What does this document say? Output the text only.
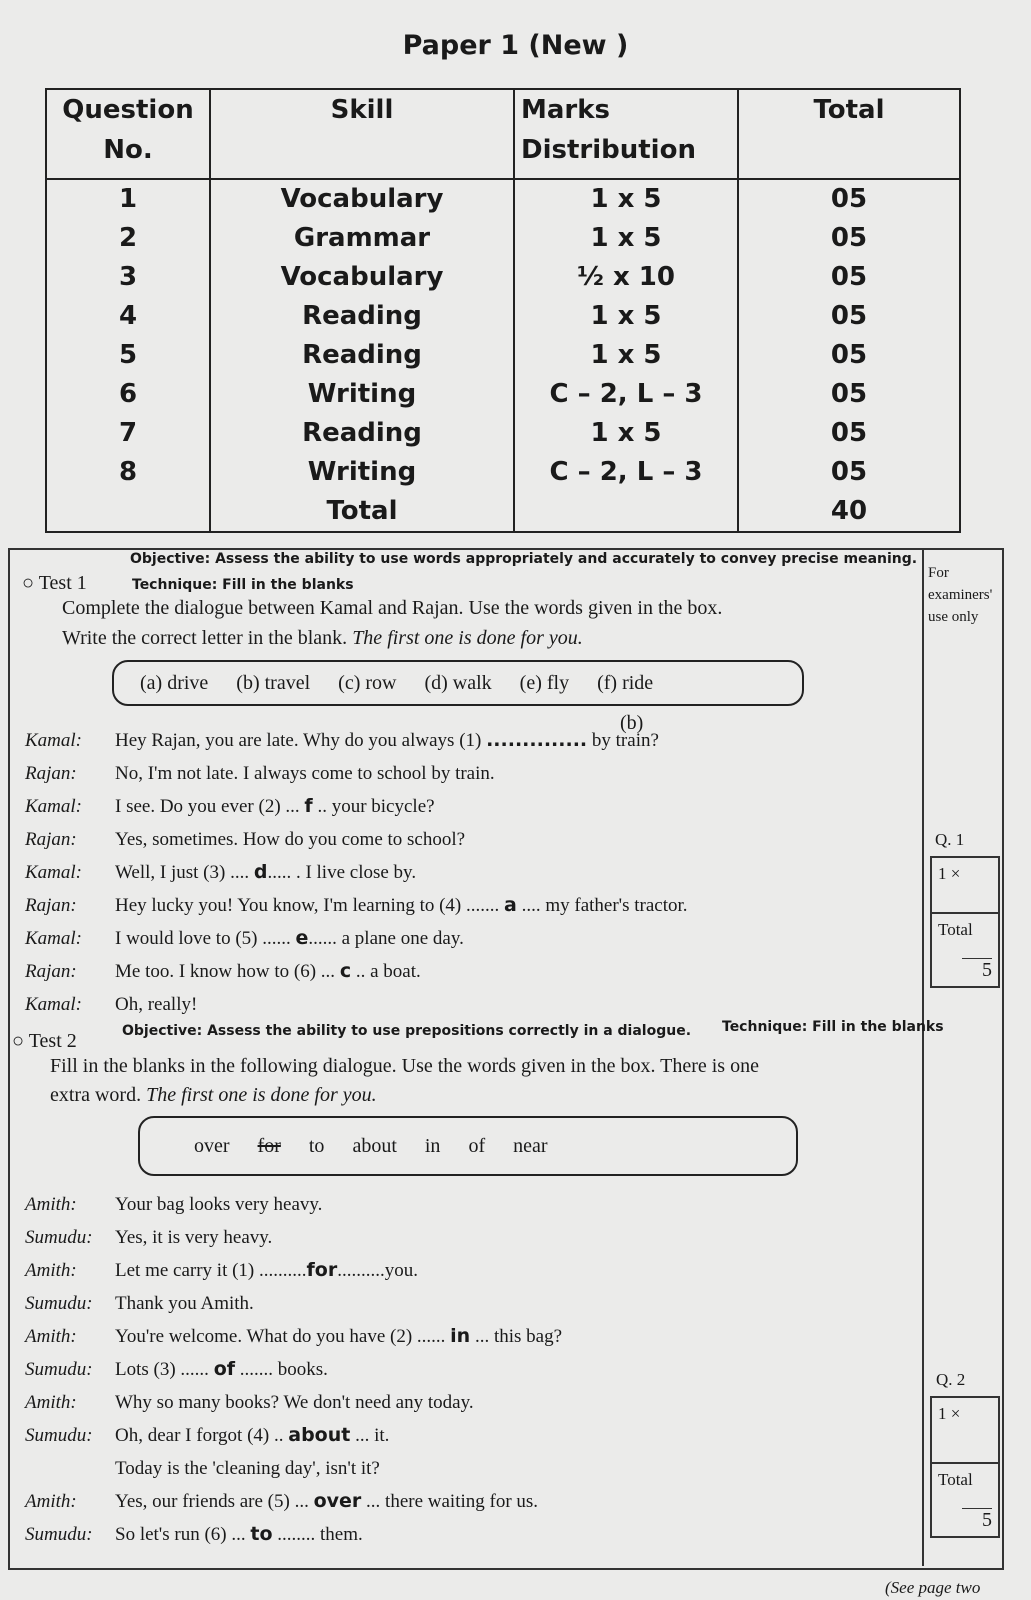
Paper 1 (New )
Question No.	Skill	Marks Distribution	Total
1	Vocabulary	1 x 5	05
2	Grammar	1 x 5	05
3	Vocabulary	½ x 10	05
4	Reading	1 x 5	05
5	Reading	1 x 5	05
6	Writing	C – 2, L – 3	05
7	Reading	1 x 5	05
8	Writing	C – 2, L – 3	05
	Total		40
For examiners' use only
Objective: Assess the ability to use words appropriately and accurately to convey precise meaning.
○ Test 1	Technique: Fill in the blanks
Complete the dialogue between Kamal and Rajan. Use the words given in the box.
Write the correct letter in the blank. The first one is done for you.
(a) drive (b) travel (c) row (d) walk (e) fly (f) ride
(b)
Kamal: Hey Rajan, you are late. Why do you always (1) .............. by train?
Rajan: No, I'm not late. I always come to school by train.
Kamal: I see. Do you ever (2) ... f .. your bicycle?
Rajan: Yes, sometimes. How do you come to school?
Kamal: Well, I just (3) .... d..... . I live close by.
Rajan: Hey lucky you! You know, I'm learning to (4) ....... a .... my father's tractor.
Kamal: I would love to (5) ...... e...... a plane one day.
Rajan: Me too. I know how to (6) ... c .. a boat.
Kamal: Oh, really!
Q. 1
1 ×
Total
5
○ Test 2	Objective: Assess the ability to use prepositions correctly in a dialogue. Technique: Fill in the blanks
Fill in the blanks in the following dialogue. Use the words given in the box. There is one
extra word. The first one is done for you.
over for to about in of near
Amith: Your bag looks very heavy.
Sumudu: Yes, it is very heavy.
Amith: Let me carry it (1) ..........for..........you.
Sumudu: Thank you Amith.
Amith: You're welcome. What do you have (2) ...... in ... this bag?
Sumudu: Lots (3) ...... of ....... books.
Amith: Why so many books? We don't need any today.
Sumudu: Oh, dear I forgot (4) .. about ... it.
Today is the 'cleaning day', isn't it?
Amith: Yes, our friends are (5) ... over ... there waiting for us.
Sumudu: So let's run (6) ... to ........ them.
Q. 2
1 ×
Total
5
(See page two
